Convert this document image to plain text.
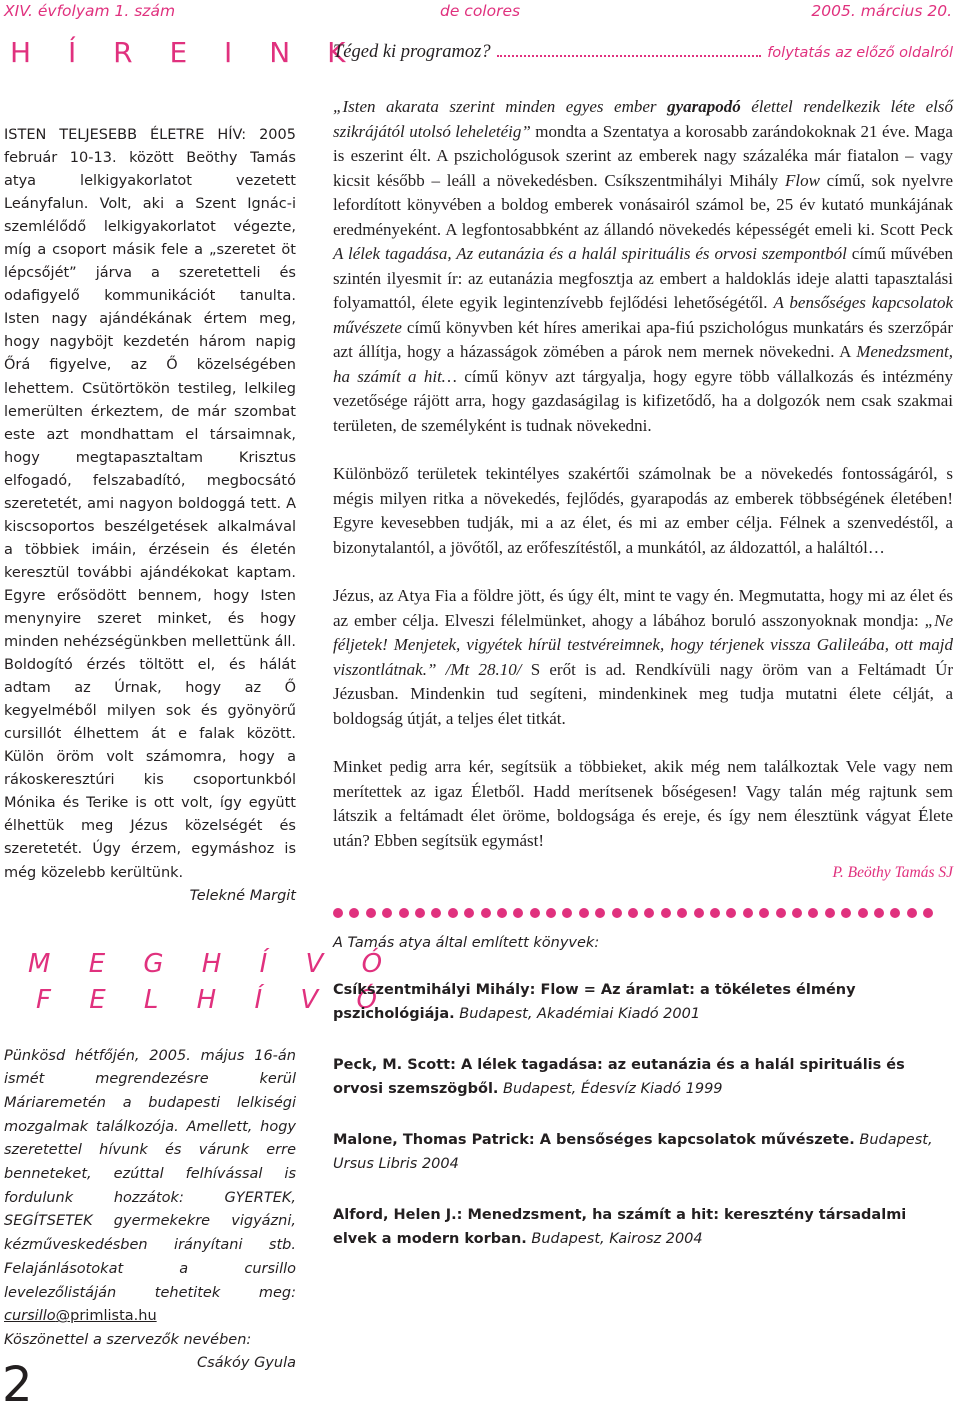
XIV. évfolyam 1. szám	de colores	2005. március 20.
H Í R E I N K
ISTEN TELJESEBB ÉLETRE HÍV: 2005 február 10-13. között Beöthy Tamás atya lelkigyakorlatot vezetett Leányfalun. Volt, aki a Szent Ignác-i szemlélődő lelkigyakorlatot végezte, míg a csoport másik fele a „szeretet öt lépcsőjét” járva a szeretetteli és odafigyelő kommunikációt tanulta. Isten nagy ajándékának értem meg, hogy nagyböjt kezdetén három napig Őrá figyelve, az Ő közelségében lehettem. Csütörtökön testileg, lelkileg lemerülten érkeztem, de már szombat este azt mondhattam el társaimnak, hogy megtapasztaltam Krisztus elfogadó, felszabadító, megbocsátó szeretetét, ami nagyon boldoggá tett. A kiscsoportos beszélgetések alkalmával a többiek imáin, érzésein és életén keresztül további ajándékokat kaptam. Egyre erősödött bennem, hogy Isten menynyire szeret minket, és hogy minden nehézségünkben mellettünk áll. Boldogító érzés töltött el, és hálát adtam az Úrnak, hogy az Ő kegyelméből milyen sok és gyönyörű cursillót élhettem át e falak között. Külön öröm volt számomra, hogy a rákoskeresztúri kis csoportunkból Mónika és Terike is ott volt, így együtt élhettük meg Jézus közelségét és szeretetét. Úgy érzem, egymáshoz is még közelebb kerültünk.
Telekné Margit
M E G H Í V Ó
F E L H Í V Ó
Pünkösd hétfőjén, 2005. május 16-án ismét megrendezésre kerül Máriaremetén a budapesti lelkiségi mozgalmak találkozója. Amellett, hogy szeretettel hívunk és várunk erre benneteket, ezúttal felhívással is fordulunk hozzátok: GYERTEK, SEGÍTSETEK gyermekekre vigyázni, kézműveskedésben irányítani stb. Felajánlásotokat a cursillo levelezőlistáján tehetitek meg: cursillo@primlista.hu
Köszönettel a szervezők nevében:
Csákóy Gyula
2
Téged ki programoz?	folytatás az előző oldalról

„Isten akarata szerint minden egyes ember gyarapodó élettel rendelkezik léte első szikrájától utolsó leheletéig” mondta a Szentatya a korosabb zarándokoknak 21 éve. Maga is eszerint élt. A pszichológusok szerint az emberek nagy százaléka már fiatalon – vagy kicsit később – leáll a növekedésben. Csíkszentmihályi Mihály Flow című, sok nyelvre lefordított könyvében a boldog emberek vonásairól számol be, 25 év kutató munkájának eredményeként. A legfontosabbként az állandó növekedés képességét emeli ki. Scott Peck A lélek tagadása, Az eutanázia és a halál spirituális és orvosi szempontból című művében szintén ilyesmit ír: az eutanázia megfosztja az embert a haldoklás ideje alatti tapasztalási folyamattól, élete egyik legintenzívebb fejlődési lehetőségétől. A bensőséges kapcsolatok művészete című könyvben két híres amerikai apa-fiú pszichológus munkatárs és szerzőpár azt állítja, hogy a házasságok zömében a párok nem mernek növekedni. A Menedzsment, ha számít a hit… című könyv azt tárgyalja, hogy egyre több vállalkozás és intézmény vezetősége rájött arra, hogy gazdaságilag is kifizetődő, ha a dolgozók nem csak szakmai területen, de személyként is tudnak növekedni.

Különböző területek tekintélyes szakértői számolnak be a növekedés fontosságáról, s mégis milyen ritka a növekedés, fejlődés, gyarapodás az emberek többségének életében! Egyre kevesebben tudják, mi a az élet, és mi az ember célja. Félnek a szenvedéstől, a bizonytalantól, a jövőtől, az erőfeszítéstől, a munkától, az áldozattól, a haláltól…

Jézus, az Atya Fia a földre jött, és úgy élt, mint te vagy én. Megmutatta, hogy mi az élet és az ember célja. Elveszi félelmünket, ahogy a lábához boruló asszonyoknak mondja: „Ne féljetek! Menjetek, vigyétek hírül testvéreimnek, hogy térjenek vissza Galileába, ott majd viszontlátnak.” /Mt 28.10/ S erőt is ad. Rendkívüli nagy öröm van a Feltámadt Úr Jézusban. Mindenkin tud segíteni, mindenkinek meg tudja mutatni élete célját, a boldogság útját, a teljes élet titkát.

Minket pedig arra kér, segítsük a többieket, akik még nem találkoztak Vele vagy nem merítettek az igaz Életből. Hadd merítsenek bőségesen! Vagy talán még rajtunk sem látszik a feltámadt élet öröme, boldogsága és ereje, és így nem élesztünk vágyat Élete után? Ebben segítsük egymást!

P. Beöthy Tamás SJ

A Tamás atya által említett könyvek:
Csíkszentmihályi Mihály: Flow = Az áramlat: a tökéletes élmény pszichológiája. Budapest, Akadémiai Kiadó 2001
Peck, M. Scott: A lélek tagadása: az eutanázia és a halál spirituális és orvosi szemszögből. Budapest, Édesvíz Kiadó 1999
Malone, Thomas Patrick: A bensőséges kapcsolatok művészete. Budapest, Ursus Libris 2004
Alford, Helen J.: Menedzsment, ha számít a hit: keresztény társadalmi elvek a modern korban. Budapest, Kairosz 2004
